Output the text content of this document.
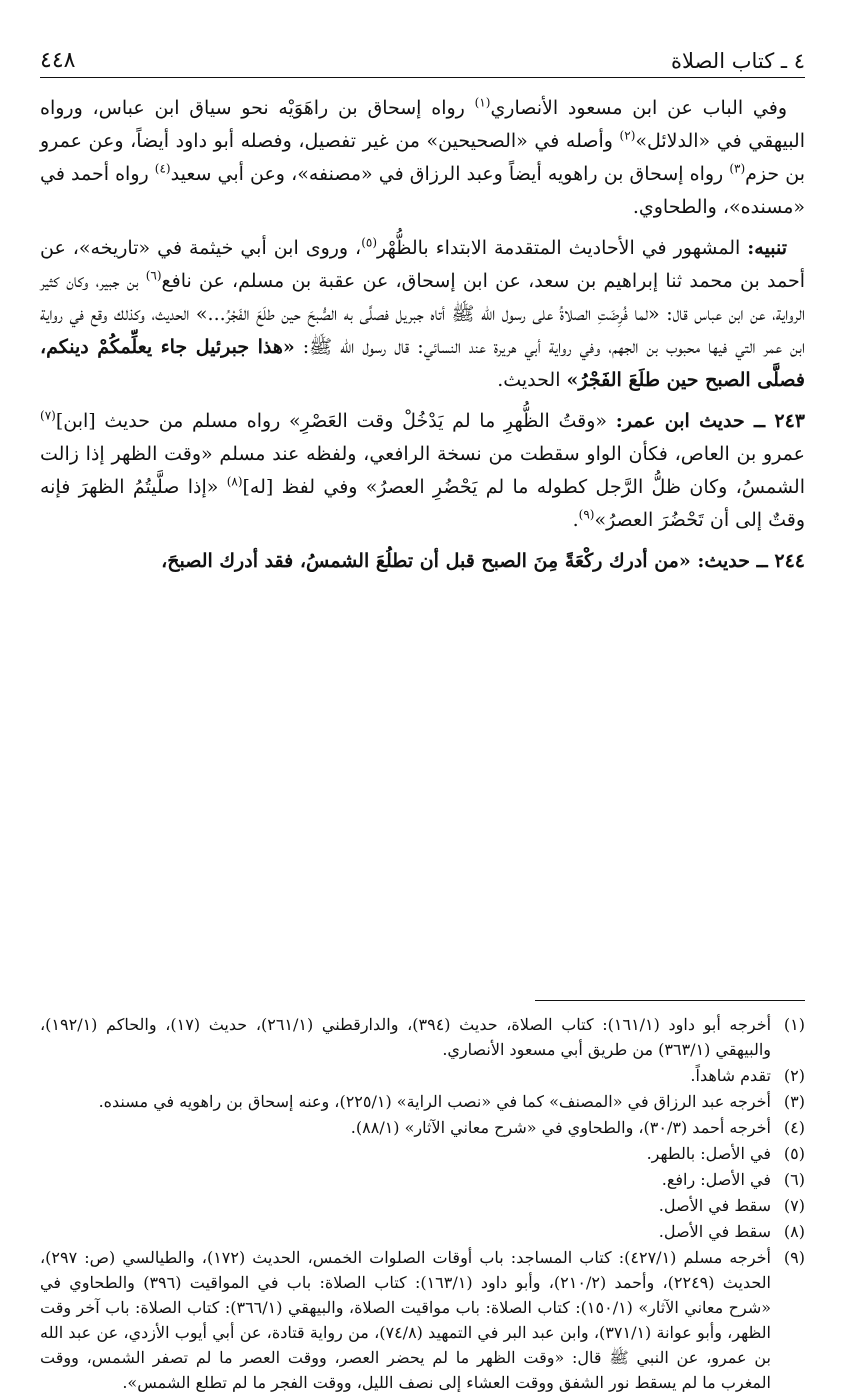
٤ ـ كتاب الصلاة
٤٤٨

وفي الباب عن ابن مسعود الأنصاري$^{(١)}$ رواه إسحاق بن راهَوَيْه نحو سياق ابن عباس، ورواه البيهقي في «الدلائل»$^{(٢)}$ وأصله في «الصحيحين» من غير تفصيل، وفصله أبو داود أيضاً، وعن عمرو بن حزم$^{(٣)}$ رواه إسحاق بن راهويه أيضاً وعبد الرزاق في «مصنفه»، وعن أبي سعيد$^{(٤)}$ رواه أحمد في «مسنده»، والطحاوي.

تنبيه: المشهور في الأحاديث المتقدمة الابتداء بالظُّهْر$^{(٥)}$، وروى ابن أبي خيثمة في «تاريخه»، عن أحمد بن محمد ثنا إبراهيم بن سعد، عن ابن إسحاق، عن عقبة بن مسلم، عن نافع$^{(٦)}$ بن جبير، وكان كثير الرواية، عن ابن عباس قال: «لما فُرِضَتِ الصلاةُ على رسول الله ﷺ أتاه جبريل فصلَّى به الصُّبحَ حين طلَعَ الفَجْرُ...» الحديث، وكذلك وقع في رواية ابن عمر التي فيها محبوب بن الجهم، وفي رواية أبي هريرة عند النسائي: قال رسول الله ﷺ: «هذا جبرئيل جاء يعلِّمكُمْ دينكم، فصلَّى الصبح حين طلَعَ الفَجْرُ» الحديث.

٢٤٣ ــ حديث ابن عمر: «وقتُ الظُّهرِ ما لم يَدْخُلْ وقت العَصْرِ» رواه مسلم من حديث [ابن]$^{(٧)}$ عمرو بن العاص، فكأن الواو سقطت من نسخة الرافعي، ولفظه عند مسلم «وقت الظهر إذا زالت الشمسُ، وكان ظلُّ الرَّجل كطوله ما لم يَحْضُرِ العصرُ» وفي لفظ [له]$^{(٨)}$ «إذا صلَّيتُمُ الظهرَ فإنه وقتٌ إلى أن تَحْضُرَ العصرُ»$^{(٩)}$.

٢٤٤ ــ حديث: «من أدرك ركْعَةً مِنَ الصبح قبل أن تطلُعَ الشمسُ، فقد أدرك الصبحَ،

(١)
أخرجه أبو داود (١٦١/١): كتاب الصلاة، حديث (٣٩٤)، والدارقطني (٢٦١/١)، حديث (١٧)، والحاكم (١٩٢/١)، والبيهقي (٣٦٣/١) من طريق أبي مسعود الأنصاري.
(٢)
تقدم شاهداً.
(٣)
أخرجه عبد الرزاق في «المصنف» كما في «نصب الراية» (٢٢٥/١)، وعنه إسحاق بن راهويه في مسنده.
(٤)
أخرجه أحمد (٣٠/٣)، والطحاوي في «شرح معاني الآثار» (٨٨/١).
(٥)
في الأصل: بالطهر.
(٦)
في الأصل: رافع.
(٧)
سقط في الأصل.
(٨)
سقط في الأصل.
(٩)
أخرجه مسلم (٤٢٧/١): كتاب المساجد: باب أوقات الصلوات الخمس، الحديث (١٧٢)، والطيالسي (ص: ٢٩٧)، الحديث (٢٢٤٩)، وأحمد (٢١٠/٢)، وأبو داود (١٦٣/١): كتاب الصلاة: باب في المواقيت (٣٩٦) والطحاوي في «شرح معاني الآثار» (١٥٠/١): كتاب الصلاة: باب مواقيت الصلاة، والبيهقي (٣٦٦/١): كتاب الصلاة: باب آخر وقت الظهر، وأبو عوانة (٣٧١/١)، وابن عبد البر في التمهيد (٧٤/٨)، من رواية قتادة، عن أبي أيوب الأزدي، عن عبد الله بن عمرو، عن النبي ﷺ قال: «وقت الظهر ما لم يحضر العصر، ووقت العصر ما لم تصفر الشمس، ووقت المغرب ما لم يسقط نور الشفق ووقت العشاء إلى نصف الليل، ووقت الفجر ما لم تطلع الشمس».
